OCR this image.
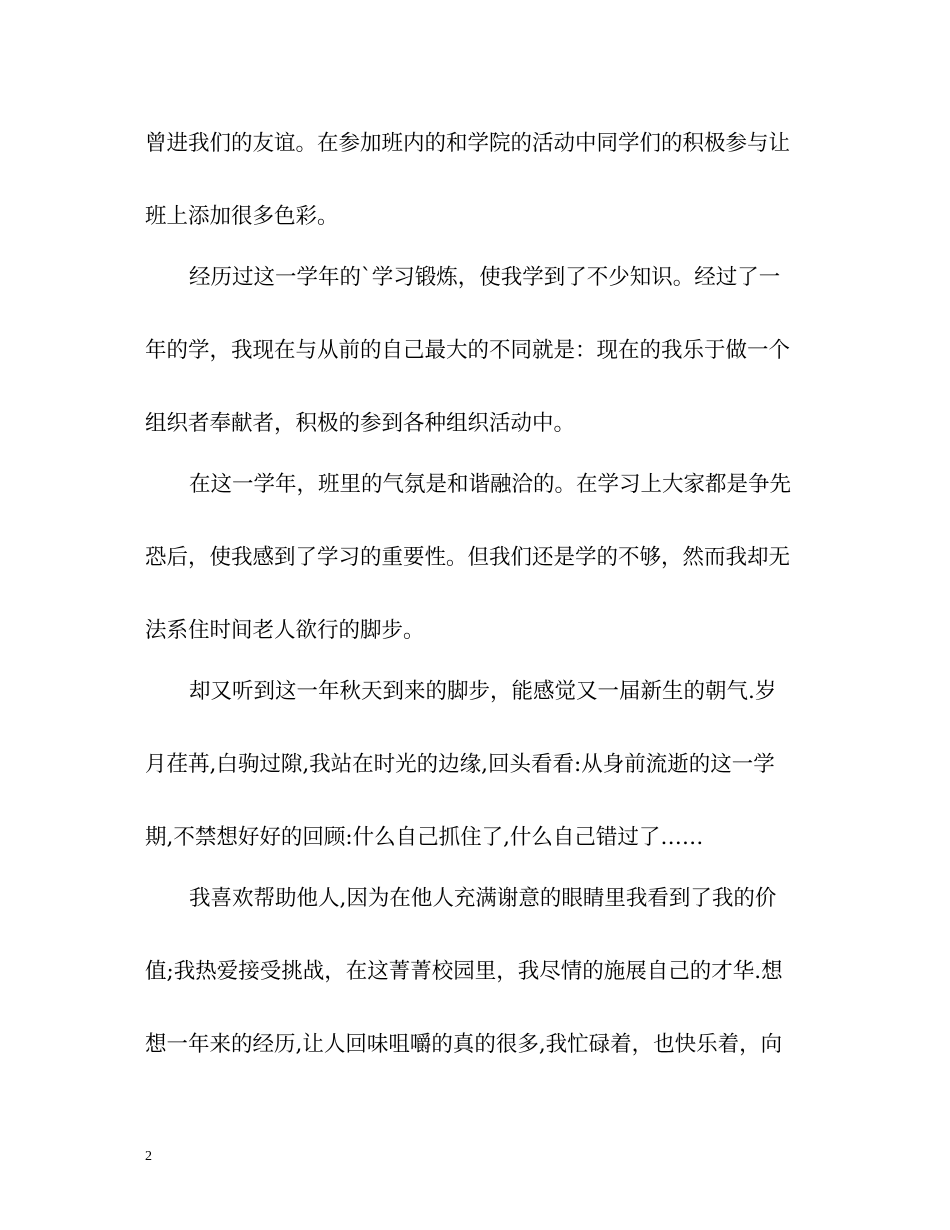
曾进我们的友谊。在参加班内的和学院的活动中同学们的积极参与让
班上添加很多色彩。
经历过这一学年的`学习锻炼，使我学到了不少知识。经过了一
年的学，我现在与从前的自己最大的不同就是：现在的我乐于做一个
组织者奉献者，积极的参到各种组织活动中。
在这一学年，班里的气氛是和谐融洽的。在学习上大家都是争先
恐后，使我感到了学习的重要性。但我们还是学的不够，然而我却无
法系住时间老人欲行的脚步。
却又听到这一年秋天到来的脚步，能感觉又一届新生的朝气.岁
月荏苒,白驹过隙,我站在时光的边缘,回头看看:从身前流逝的这一学
期,不禁想好好的回顾:什么自己抓住了,什么自己错过了……
我喜欢帮助他人,因为在他人充满谢意的眼睛里我看到了我的价
值;我热爱接受挑战，在这菁菁校园里，我尽情的施展自己的才华.想
想一年来的经历,让人回味咀嚼的真的很多,我忙碌着，也快乐着，向
2
